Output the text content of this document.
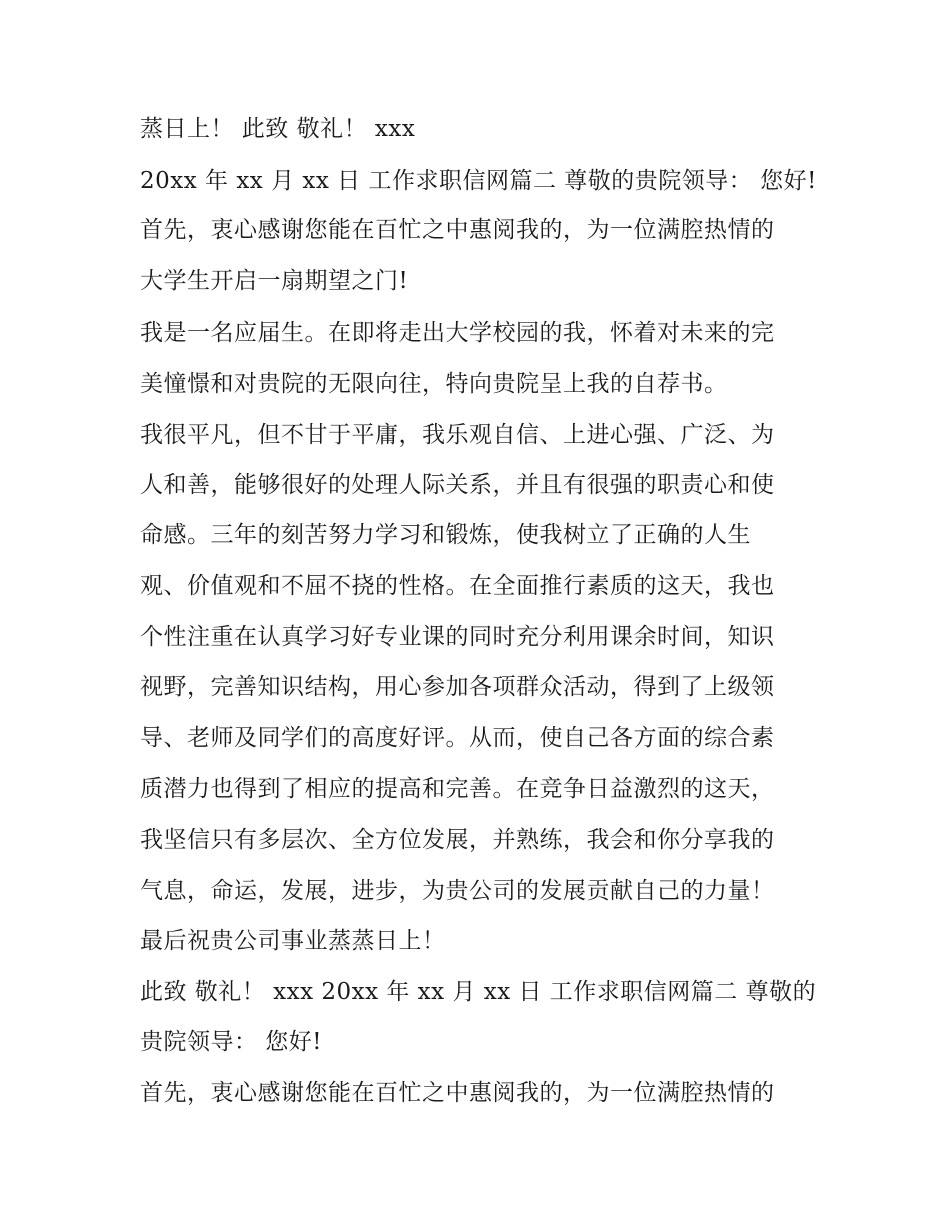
蒸日上！ 此致 敬礼！ xxx
20xx 年 xx 月 xx 日 工作求职信网篇二 尊敬的贵院领导： 您好!
首先，衷心感谢您能在百忙之中惠阅我的，为一位满腔热情的
大学生开启一扇期望之门!
我是一名应届生。在即将走出大学校园的我，怀着对未来的完
美憧憬和对贵院的无限向往，特向贵院呈上我的自荐书。
我很平凡，但不甘于平庸，我乐观自信、上进心强、广泛、为
人和善，能够很好的处理人际关系，并且有很强的职责心和使
命感。三年的刻苦努力学习和锻炼，使我树立了正确的人生
观、价值观和不屈不挠的性格。在全面推行素质的这天，我也
个性注重在认真学习好专业课的同时充分利用课余时间，知识
视野，完善知识结构，用心参加各项群众活动，得到了上级领
导、老师及同学们的高度好评。从而，使自己各方面的综合素
质潜力也得到了相应的提高和完善。在竞争日益激烈的这天，
我坚信只有多层次、全方位发展，并熟练，我会和你分享我的
气息，命运，发展，进步，为贵公司的发展贡献自己的力量！
最后祝贵公司事业蒸蒸日上！
此致 敬礼！ xxx 20xx 年 xx 月 xx 日 工作求职信网篇二 尊敬的
贵院领导： 您好!
首先，衷心感谢您能在百忙之中惠阅我的，为一位满腔热情的
